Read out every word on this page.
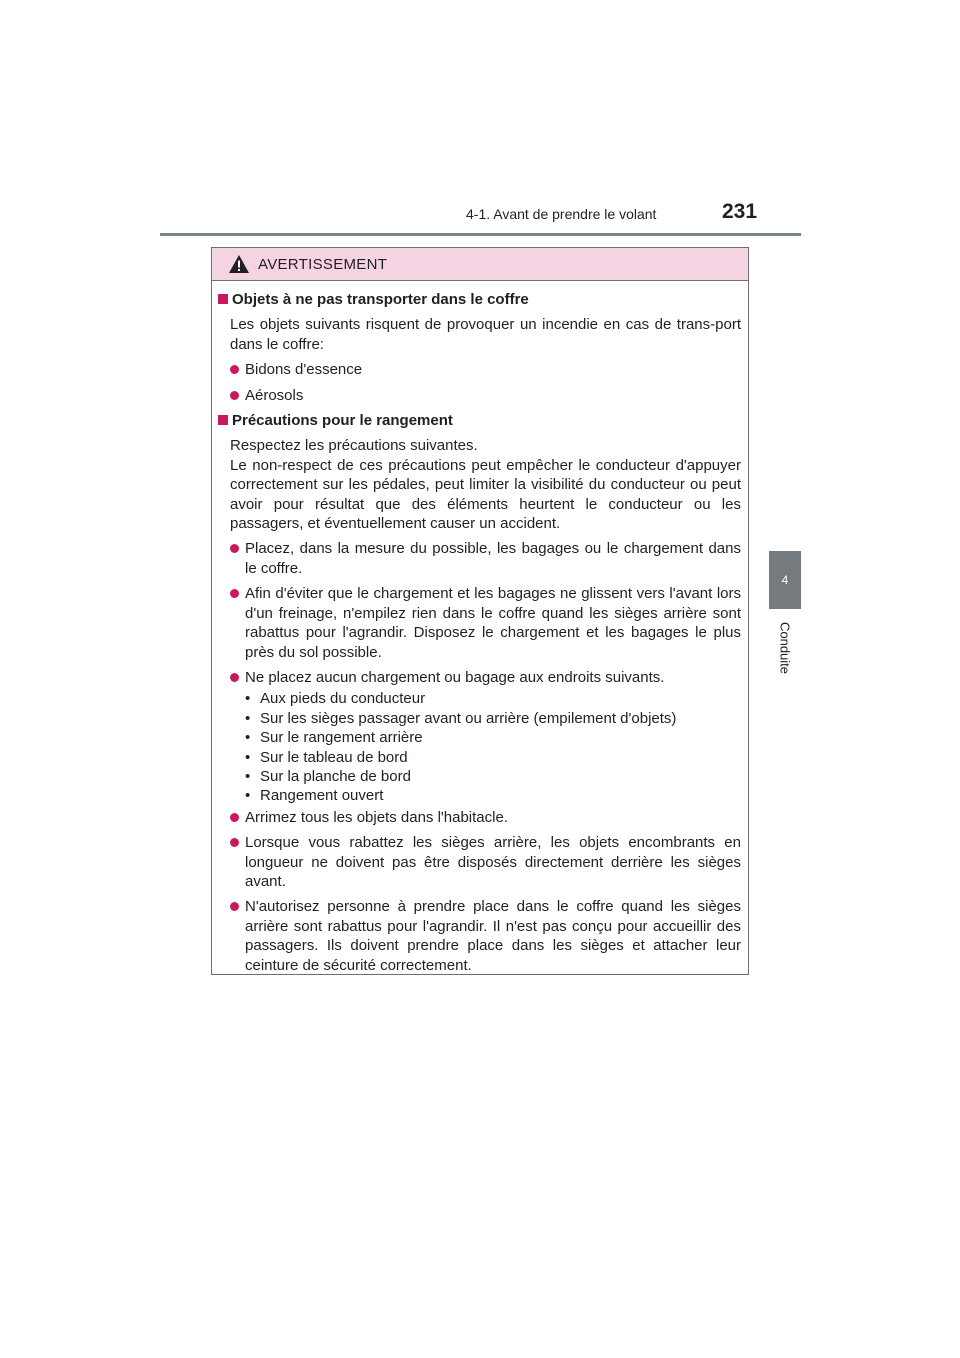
4-1. Avant de prendre le volant	231
4
Conduite
AVERTISSEMENT
Objets à ne pas transporter dans le coffre
Les objets suivants risquent de provoquer un incendie en cas de trans-port dans le coffre:
Bidons d'essence
Aérosols
Précautions pour le rangement
Respectez les précautions suivantes.
Le non-respect de ces précautions peut empêcher le conducteur d'appuyer correctement sur les pédales, peut limiter la visibilité du conducteur ou peut avoir pour résultat que des éléments heurtent le conducteur ou les passagers, et éventuellement causer un accident.
Placez, dans la mesure du possible, les bagages ou le chargement dans le coffre.
Afin d'éviter que le chargement et les bagages ne glissent vers l'avant lors d'un freinage, n'empilez rien dans le coffre quand les sièges arrière sont rabattus pour l'agrandir. Disposez le chargement et les bagages le plus près du sol possible.
Ne placez aucun chargement ou bagage aux endroits suivants.
• Aux pieds du conducteur
• Sur les sièges passager avant ou arrière (empilement d'objets)
• Sur le rangement arrière
• Sur le tableau de bord
• Sur la planche de bord
• Rangement ouvert
Arrimez tous les objets dans l'habitacle.
Lorsque vous rabattez les sièges arrière, les objets encombrants en longueur ne doivent pas être disposés directement derrière les sièges avant.
N'autorisez personne à prendre place dans le coffre quand les sièges arrière sont rabattus pour l'agrandir. Il n'est pas conçu pour accueillir des passagers. Ils doivent prendre place dans les sièges et attacher leur ceinture de sécurité correctement.
